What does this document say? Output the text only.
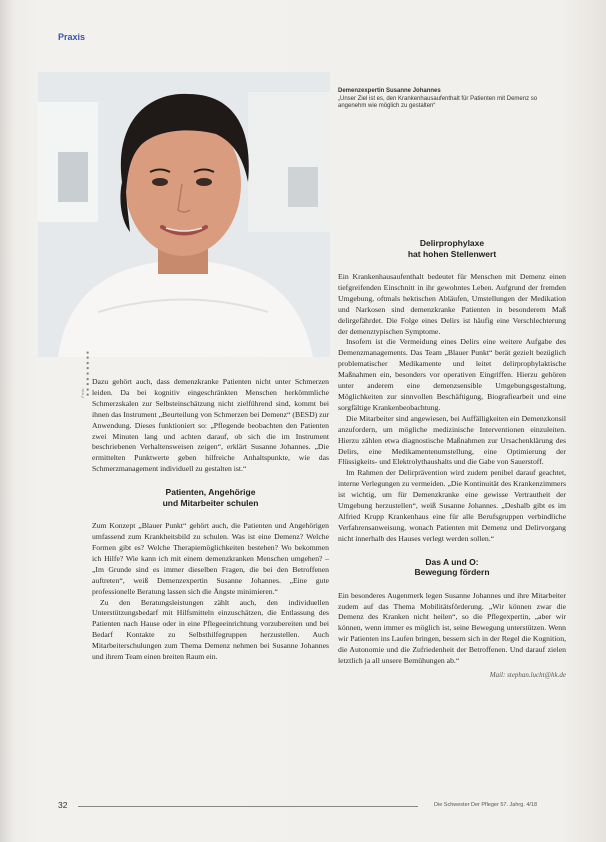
Praxis
Foto: ■■■■■■■■■
Demenzexpertin Susanne Johannes
„Unser Ziel ist es, den Krankenhausaufenthalt für Patienten mit Demenz so angenehm wie möglich zu gestalten“

Dazu gehört auch, dass demenzkranke Patienten nicht unter Schmerzen leiden. Da bei kognitiv eingeschränkten Menschen herkömmliche Schmerzskalen zur Selbsteinschätzung nicht zielführend sind, kommt bei ihnen das Instrument „Beurteilung von Schmerzen bei Demenz“ (BESD) zur Anwendung. Dieses funktioniert so: „Pflegende beobachten den Patienten zwei Minuten lang und achten darauf, ob sich die im Instrument beschriebenen Verhaltensweisen zeigen“, erklärt Susanne Johannes. „Die ermittelten Punktwerte geben hilfreiche Anhaltspunkte, wie das Schmerzmanagement individuell zu gestalten ist.“

Patienten, Angehörige
und Mitarbeiter schulen

Zum Konzept „Blauer Punkt“ gehört auch, die Patienten und Angehörigen umfassend zum Krankheitsbild zu schulen. Was ist eine Demenz? Welche Formen gibt es? Welche Therapiemöglichkeiten bestehen? Wo bekommen ich Hilfe? Wie kann ich mit einem demenzkranken Menschen umgehen? – „Im Grunde sind es immer dieselben Fragen, die bei den Betroffenen auftreten“, weiß Demenzexpertin Susanne Johannes. „Eine gute professionelle Beratung lassen sich die Ängste minimieren.“

Zu den Beratungsleistungen zählt auch, den individuellen Unterstützungsbedarf mit Hilfsmitteln einzuschätzen, die Entlassung des Patienten nach Hause oder in eine Pflegeeinrichtung vorzubereiten und bei Bedarf Kontakte zu Selbsthilfegruppen herzustellen. Auch Mitarbeiterschulungen zum Thema Demenz nehmen bei Susanne Johannes und ihrem Team einen breiten Raum ein.

Delirprophylaxe
hat hohen Stellenwert

Ein Krankenhausaufenthalt bedeutet für Menschen mit Demenz einen tiefgreifenden Einschnitt in ihr gewohntes Leben. Aufgrund der fremden Umgebung, oftmals hektischen Abläufen, Umstellungen der Medikation und Narkosen sind demenzkranke Patienten in besonderem Maß delirgefährdet. Die Folge eines Delirs ist häufig eine Verschlechterung der demenztypischen Symptome.

Insofern ist die Vermeidung eines Delirs eine weitere Aufgabe des Demenzmanagements. Das Team „Blauer Punkt“ berät gezielt bezüglich problematischer Medikamente und leitet delirprophylaktische Maßnahmen ein, besonders vor operativen Eingriffen. Hierzu gehören unter anderem eine demenzsensible Umgebungsgestaltung, Möglichkeiten zur sinnvollen Beschäftigung, Biografiearbeit und eine sorgfältige Krankenbeobachtung.

Die Mitarbeiter sind angewiesen, bei Auffälligkeiten ein Demenzkonsil anzufordern, um mögliche medizinische Interventionen einzuleiten. Hierzu zählen etwa diagnostische Maßnahmen zur Ursachenklärung des Delirs, eine Medikamentenumstellung, eine Optimierung der Flüssigkeits- und Elektrolythaushalts und die Gabe von Sauerstoff.

Im Rahmen der Delirprävention wird zudem penibel darauf geachtet, interne Verlegungen zu vermeiden. „Die Kontinuität des Krankenzimmers ist wichtig, um für Demenzkranke eine gewisse Vertrautheit der Umgebung herzustellen“, weiß Susanne Johannes. „Deshalb gibt es im Alfried Krupp Krankenhaus eine für alle Berufsgruppen verbindliche Verfahrensanweisung, wonach Patienten mit Demenz und Delirvorgang nicht innerhalb des Hauses verlegt werden sollen.“

Das A und O:
Bewegung fördern

Ein besonderes Augenmerk legen Susanne Johannes und ihre Mitarbeiter zudem auf das Thema Mobilitätsförderung. „Wir können zwar die Demenz des Kranken nicht heilen“, so die Pflegexpertin, „aber wir können, wenn immer es möglich ist, seine Bewegung unterstützen. Wenn wir Patienten ins Laufen bringen, bessern sich in der Regel die Kognition, die Autonomie und die Zufriedenheit der Betroffenen. Und darauf zielen letztlich ja all unsere Bemühungen ab.“

Mail: stephan.lucht@hk.de
32	Die Schwester Der Pfleger 57. Jahrg. 4/18
